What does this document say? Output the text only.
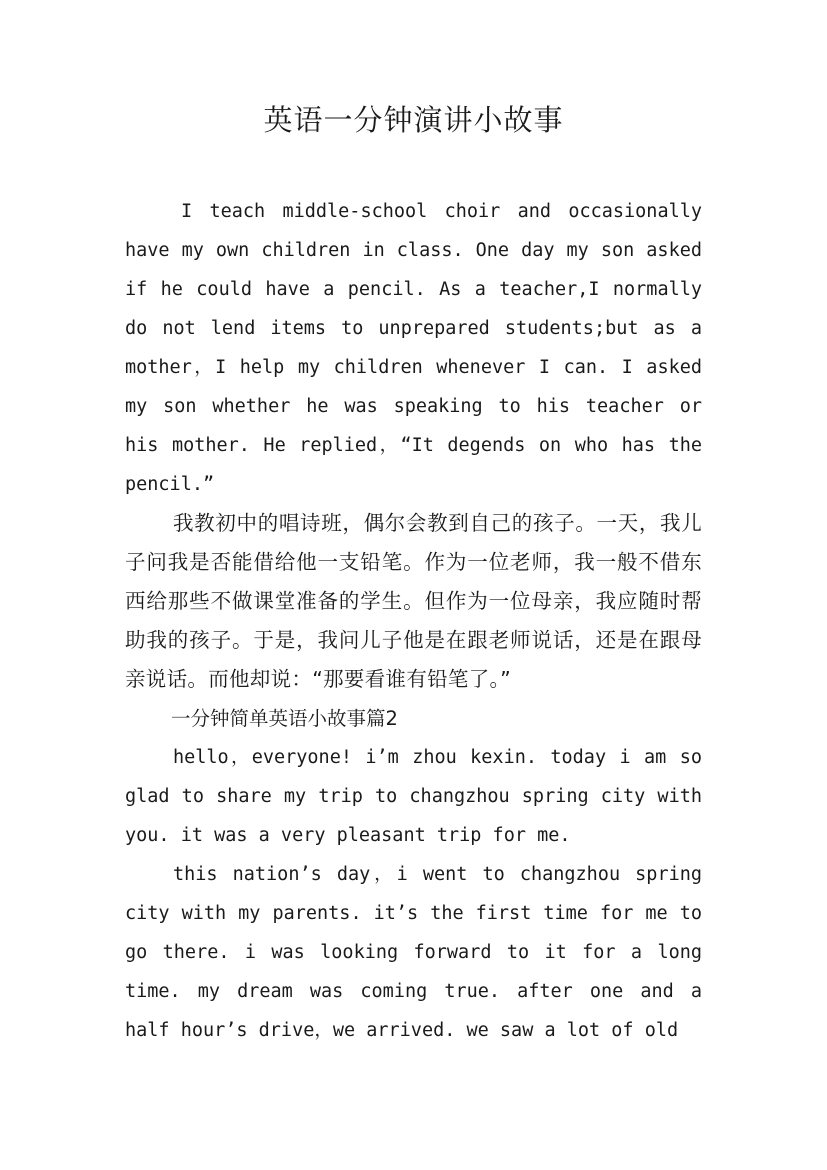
英语一分钟演讲小故事

I teach middle-school choir and occasionally have my own children in class. One day my son asked if he could have a pencil. As a teacher,I normally do not lend items to unprepared students;but as a mother，I help my children whenever I can. I asked my son whether he was speaking to his teacher or his mother. He replied，“It degends on who has the pencil.”

我教初中的唱诗班，偶尔会教到自己的孩子。一天，我儿子问我是否能借给他一支铅笔。作为一位老师，我一般不借东西给那些不做课堂准备的学生。但作为一位母亲，我应随时帮助我的孩子。于是，我问儿子他是在跟老师说话，还是在跟母亲说话。而他却说：“那要看谁有铅笔了。”

一分钟简单英语小故事篇2

hello，everyone! i’m zhou kexin. today i am so glad to share my trip to changzhou spring city with you. it was a very pleasant trip for me.

this nation’s day，i went to changzhou spring city with my parents. it’s the first time for me to go there. i was looking forward to it for a long time. my dream was coming true. after one and a half hour’s drive，we arrived. we saw a lot of old
